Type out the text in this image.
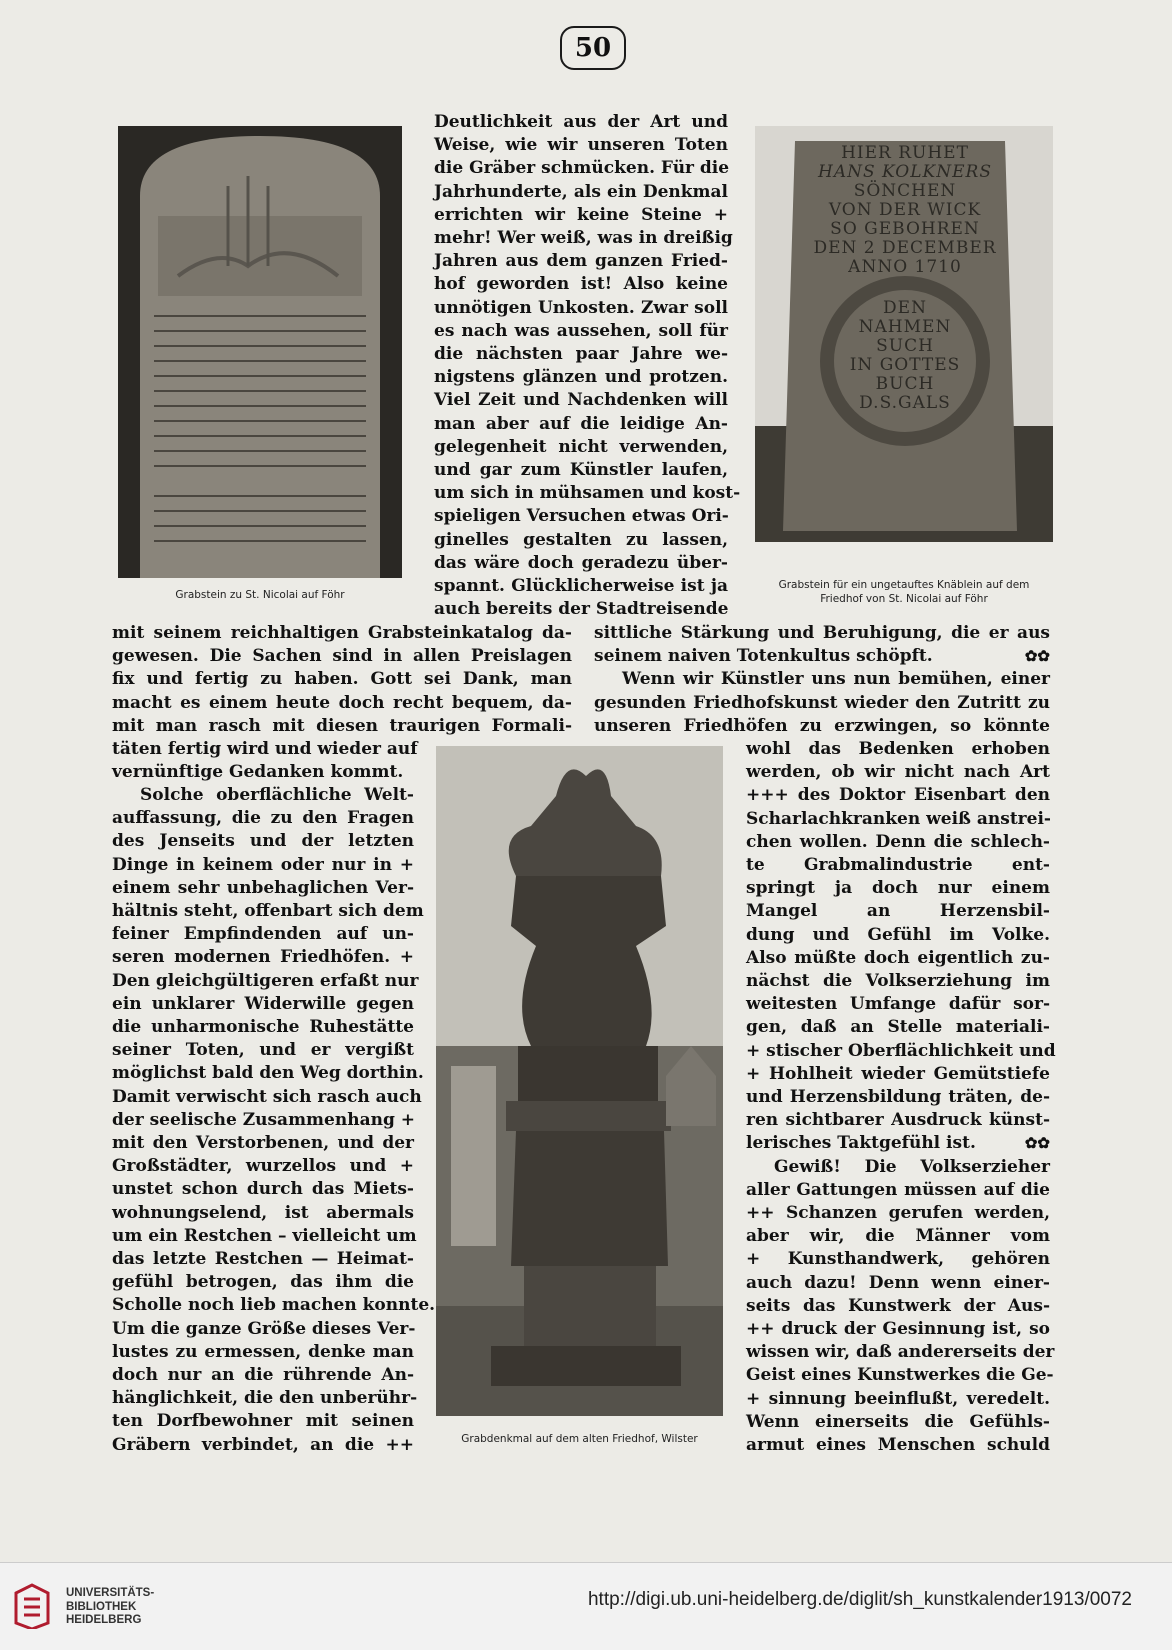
50
Grabstein zu St. Nicolai auf Föhr
HIER RUHET
HANS KOLKNERS
SÖNCHEN
VON DER WICK
SO GEBOHREN
DEN 2 DECEMBER
ANNO 1710
DEN
NAHMEN
SUCH
IN GOTTES
BUCH
D.S.GALS
Grabstein für ein ungetauftes Knäblein auf dem
Friedhof von St. Nicolai auf Föhr
Grabdenkmal auf dem alten Friedhof, Wilster
Deutlichkeit aus der Art und
Weise, wie wir unseren Toten
die Gräber schmücken. Für die
Jahrhunderte, als ein Denkmal
errichten wir keine Steine +
mehr! Wer weiß, was in dreißig
Jahren aus dem ganzen Fried-
hof geworden ist! Also keine
unnötigen Unkosten. Zwar soll
es nach was aussehen, soll für
die nächsten paar Jahre we-
nigstens glänzen und protzen.
Viel Zeit und Nachdenken will
man aber auf die leidige An-
gelegenheit nicht verwenden,
und gar zum Künstler laufen,
um sich in mühsamen und kost-
spieligen Versuchen etwas Ori-
ginelles gestalten zu lassen,
das wäre doch geradezu über-
spannt. Glücklicherweise ist ja
auch bereits der Stadtreisende
mit seinem reichhaltigen Grabsteinkatalog da-
gewesen. Die Sachen sind in allen Preislagen
fix und fertig zu haben. Gott sei Dank, man
macht es einem heute doch recht bequem, da-
mit man rasch mit diesen traurigen Formali-
täten fertig wird und wieder auf
vernünftige Gedanken kommt.
Solche oberflächliche Welt-
auffassung, die zu den Fragen
des Jenseits und der letzten
Dinge in keinem oder nur in +
einem sehr unbehaglichen Ver-
hältnis steht, offenbart sich dem
feiner Empfindenden auf un-
seren modernen Friedhöfen. +
Den gleichgültigeren erfaßt nur
ein unklarer Widerwille gegen
die unharmonische Ruhestätte
seiner Toten, und er vergißt
möglichst bald den Weg dorthin.
Damit verwischt sich rasch auch
der seelische Zusammenhang +
mit den Verstorbenen, und der
Großstädter, wurzellos und +
unstet schon durch das Miets-
wohnungselend, ist abermals
um ein Restchen – vielleicht um
das letzte Restchen — Heimat-
gefühl betrogen, das ihm die
Scholle noch lieb machen konnte.
Um die ganze Größe dieses Ver-
lustes zu ermessen, denke man
doch nur an die rührende An-
hänglichkeit, die den unberühr-
ten Dorfbewohner mit seinen
Gräbern verbindet, an die ++
sittliche Stärkung und Beruhigung, die er aus
seinem naiven Totenkultus schöpft.	✿✿
Wenn wir Künstler uns nun bemühen, einer
gesunden Friedhofskunst wieder den Zutritt zu
unseren Friedhöfen zu erzwingen, so könnte
wohl das Bedenken erhoben
werden, ob wir nicht nach Art
+++ des Doktor Eisenbart den
Scharlachkranken weiß anstrei-
chen wollen. Denn die schlech-
te Grabmalindustrie ent-
springt ja doch nur einem
Mangel an Herzensbil-
dung und Gefühl im Volke.
Also müßte doch eigentlich zu-
nächst die Volkserziehung im
weitesten Umfange dafür sor-
gen, daß an Stelle materiali-
+ stischer Oberflächlichkeit und
+ Hohlheit wieder Gemütstiefe
und Herzensbildung träten, de-
ren sichtbarer Ausdruck künst-
lerisches Taktgefühl ist.	✿✿
Gewiß! Die Volkserzieher
aller Gattungen müssen auf die
++ Schanzen gerufen werden,
aber wir, die Männer vom
+ Kunsthandwerk, gehören
auch dazu! Denn wenn einer-
seits das Kunstwerk der Aus-
++ druck der Gesinnung ist, so
wissen wir, daß andererseits der
Geist eines Kunstwerkes die Ge-
+ sinnung beeinflußt, veredelt.
Wenn einerseits die Gefühls-
armut eines Menschen schuld
UNIVERSITÄTS-
BIBLIOTHEK
HEIDELBERG
http://digi.ub.uni-heidelberg.de/diglit/sh_kunstkalender1913/0072
